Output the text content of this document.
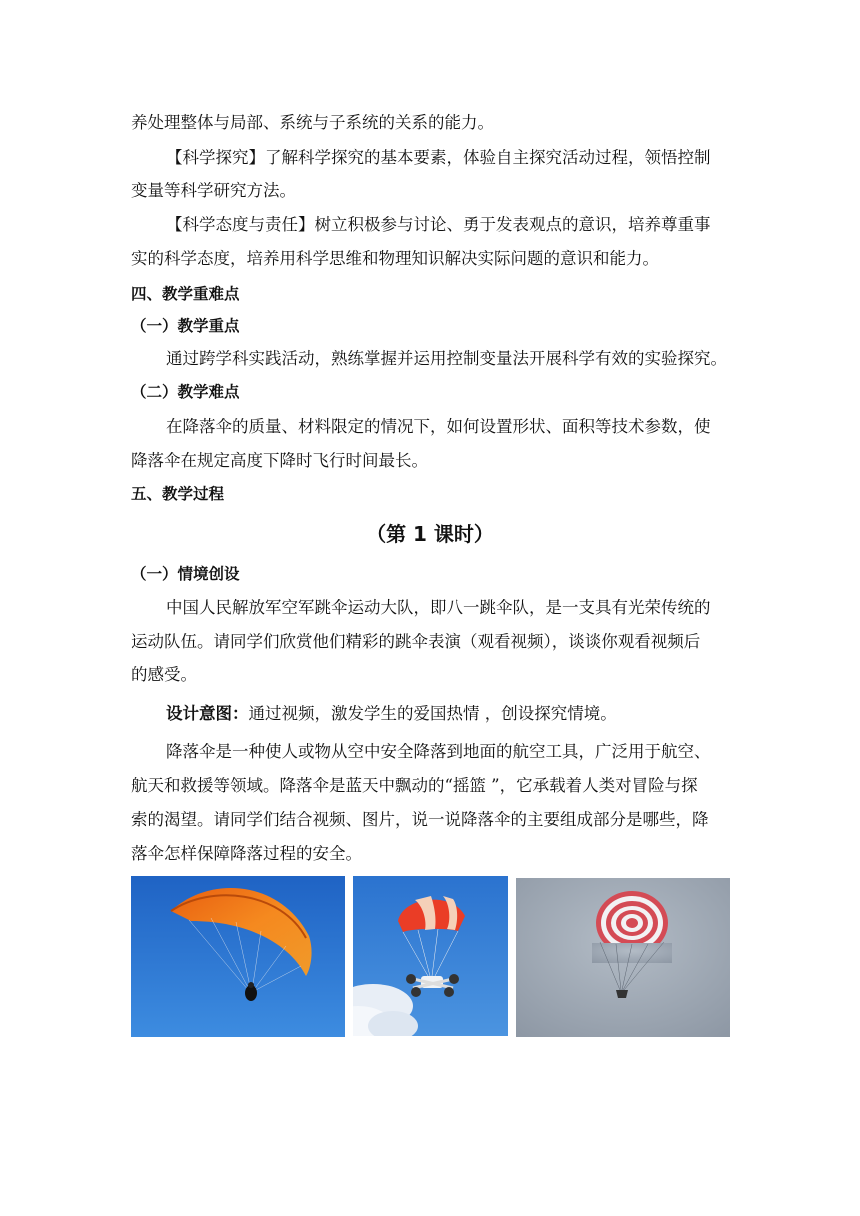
养处理整体与局部、系统与子系统的关系的能力。
【科学探究】了解科学探究的基本要素，体验自主探究活动过程，领悟控制
变量等科学研究方法。
【科学态度与责任】树立积极参与讨论、勇于发表观点的意识，培养尊重事
实的科学态度，培养用科学思维和物理知识解决实际问题的意识和能力。
四、教学重难点
（一）教学重点
通过跨学科实践活动，熟练掌握并运用控制变量法开展科学有效的实验探究。
（二）教学难点
在降落伞的质量、材料限定的情况下，如何设置形状、面积等技术参数，使
降落伞在规定高度下降时飞行时间最长。
五、教学过程
（第 1 课时）
（一）情境创设
中国人民解放军空军跳伞运动大队，即八一跳伞队，是一支具有光荣传统的
运动队伍。请同学们欣赏他们精彩的跳伞表演（观看视频），谈谈你观看视频后
的感受。
设计意图：通过视频，激发学生的爱国热情 ，创设探究情境。
降落伞是一种使人或物从空中安全降落到地面的航空工具，广泛用于航空、
航天和救援等领域。降落伞是蓝天中飘动的“摇篮 ”，它承载着人类对冒险与探
索的渴望。请同学们结合视频、图片，说一说降落伞的主要组成部分是哪些，降
落伞怎样保障降落过程的安全。
